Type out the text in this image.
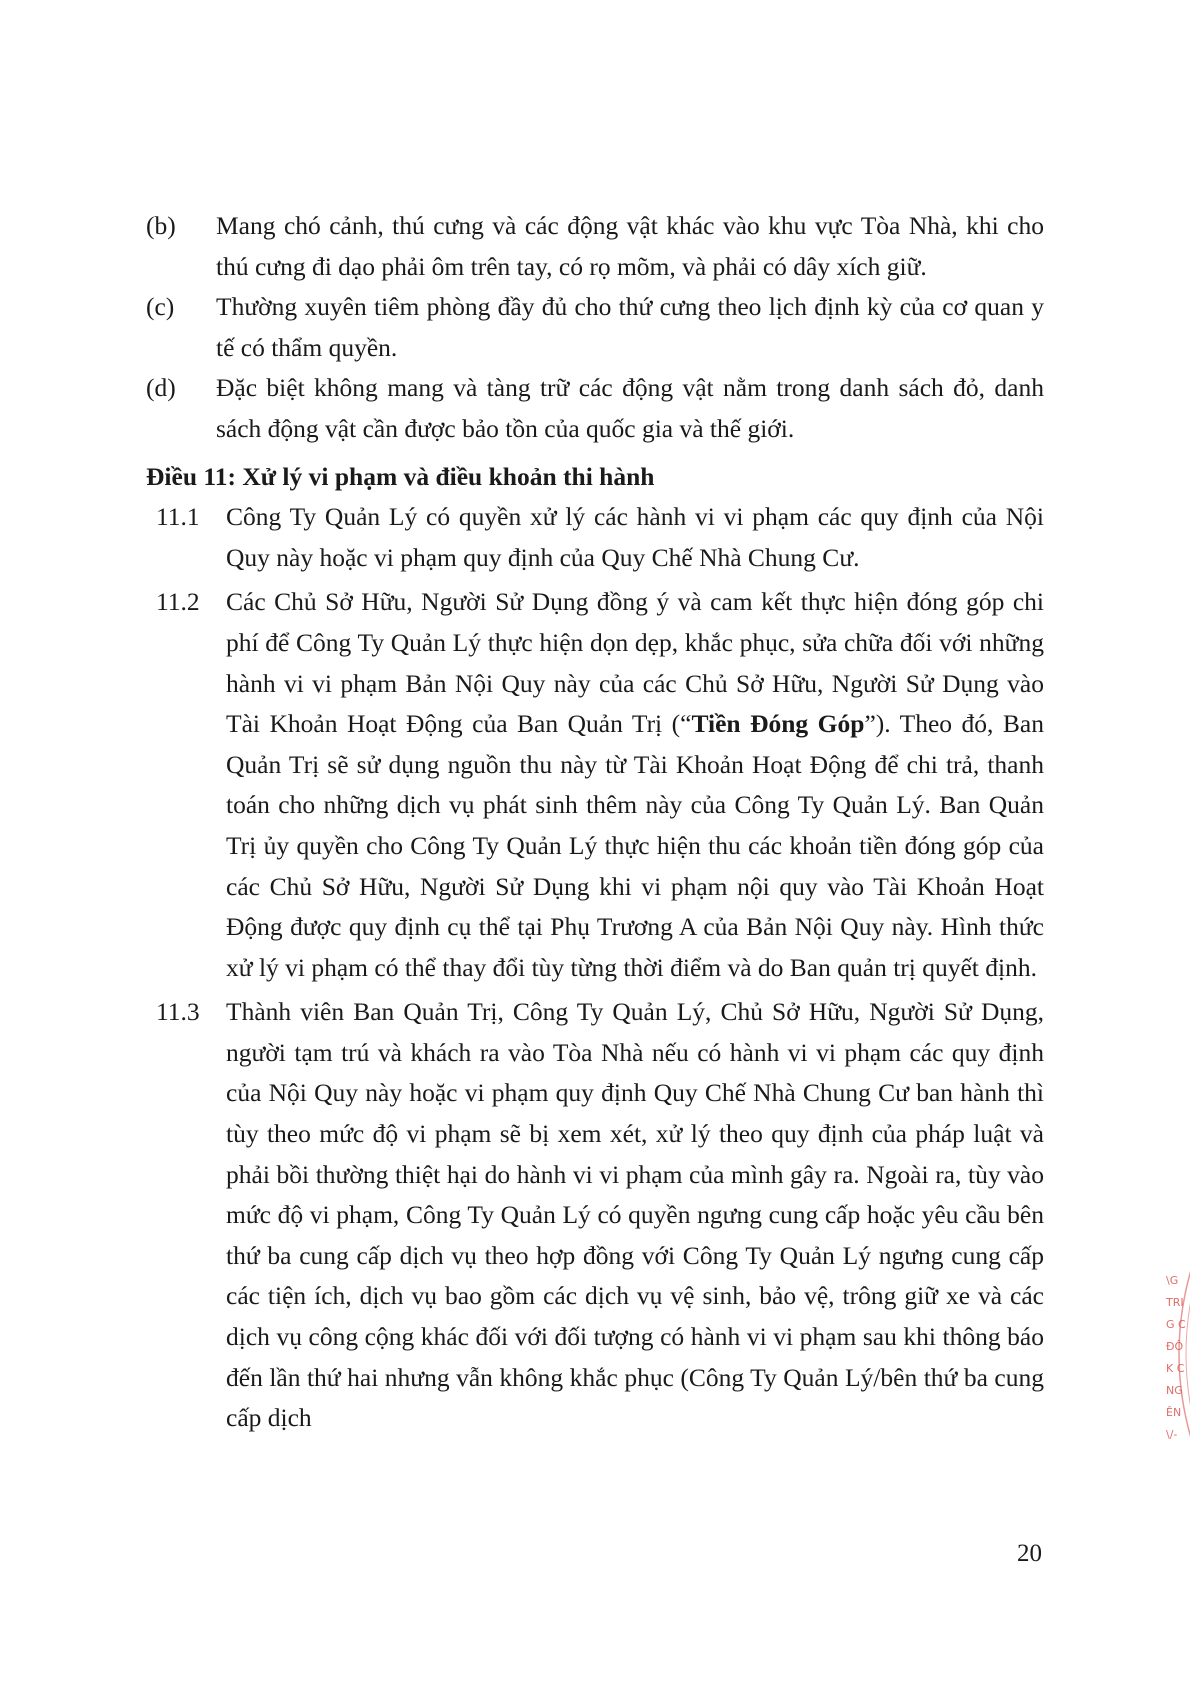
(b)	Mang chó cảnh, thú cưng và các động vật khác vào khu vực Tòa Nhà, khi cho thú cưng đi dạo phải ôm trên tay, có rọ mõm, và phải có dây xích giữ.
(c)	Thường xuyên tiêm phòng đầy đủ cho thứ cưng theo lịch định kỳ của cơ quan y tế có thẩm quyền.
(d)	Đặc biệt không mang và tàng trữ các động vật nằm trong danh sách đỏ, danh sách động vật cần được bảo tồn của quốc gia và thế giới.
Điều 11: Xử lý vi phạm và điều khoản thi hành
11.1	Công Ty Quản Lý có quyền xử lý các hành vi vi phạm các quy định của Nội Quy này hoặc vi phạm quy định của Quy Chế Nhà Chung Cư.
11.2	Các Chủ Sở Hữu, Người Sử Dụng đồng ý và cam kết thực hiện đóng góp chi phí để Công Ty Quản Lý thực hiện dọn dẹp, khắc phục, sửa chữa đối với những hành vi vi phạm Bản Nội Quy này của các Chủ Sở Hữu, Người Sử Dụng vào Tài Khoản Hoạt Động của Ban Quản Trị (“Tiền Đóng Góp”). Theo đó, Ban Quản Trị sẽ sử dụng nguồn thu này từ Tài Khoản Hoạt Động để chi trả, thanh toán cho những dịch vụ phát sinh thêm này của Công Ty Quản Lý. Ban Quản Trị ủy quyền cho Công Ty Quản Lý thực hiện thu các khoản tiền đóng góp của các Chủ Sở Hữu, Người Sử Dụng khi vi phạm nội quy vào Tài Khoản Hoạt Động được quy định cụ thể tại Phụ Trương A của Bản Nội Quy này. Hình thức xử lý vi phạm có thể thay đổi tùy từng thời điểm và do Ban quản trị quyết định.
11.3	Thành viên Ban Quản Trị, Công Ty Quản Lý, Chủ Sở Hữu, Người Sử Dụng, người tạm trú và khách ra vào Tòa Nhà nếu có hành vi vi phạm các quy định của Nội Quy này hoặc vi phạm quy định Quy Chế Nhà Chung Cư ban hành thì tùy theo mức độ vi phạm sẽ bị xem xét, xử lý theo quy định của pháp luật và phải bồi thường thiệt hại do hành vi vi phạm của mình gây ra. Ngoài ra, tùy vào mức độ vi phạm, Công Ty Quản Lý có quyền ngưng cung cấp hoặc yêu cầu bên thứ ba cung cấp dịch vụ theo hợp đồng với Công Ty Quản Lý ngưng cung cấp các tiện ích, dịch vụ bao gồm các dịch vụ vệ sinh, bảo vệ, trông giữ xe và các dịch vụ công cộng khác đối với đối tượng có hành vi vi phạm sau khi thông báo đến lần thứ hai nhưng vẫn không khắc phục (Công Ty Quản Lý/bên thứ ba cung cấp dịch
20
\G
TRI
G C
ĐÔ
K C
NG
ÊN
\/-
